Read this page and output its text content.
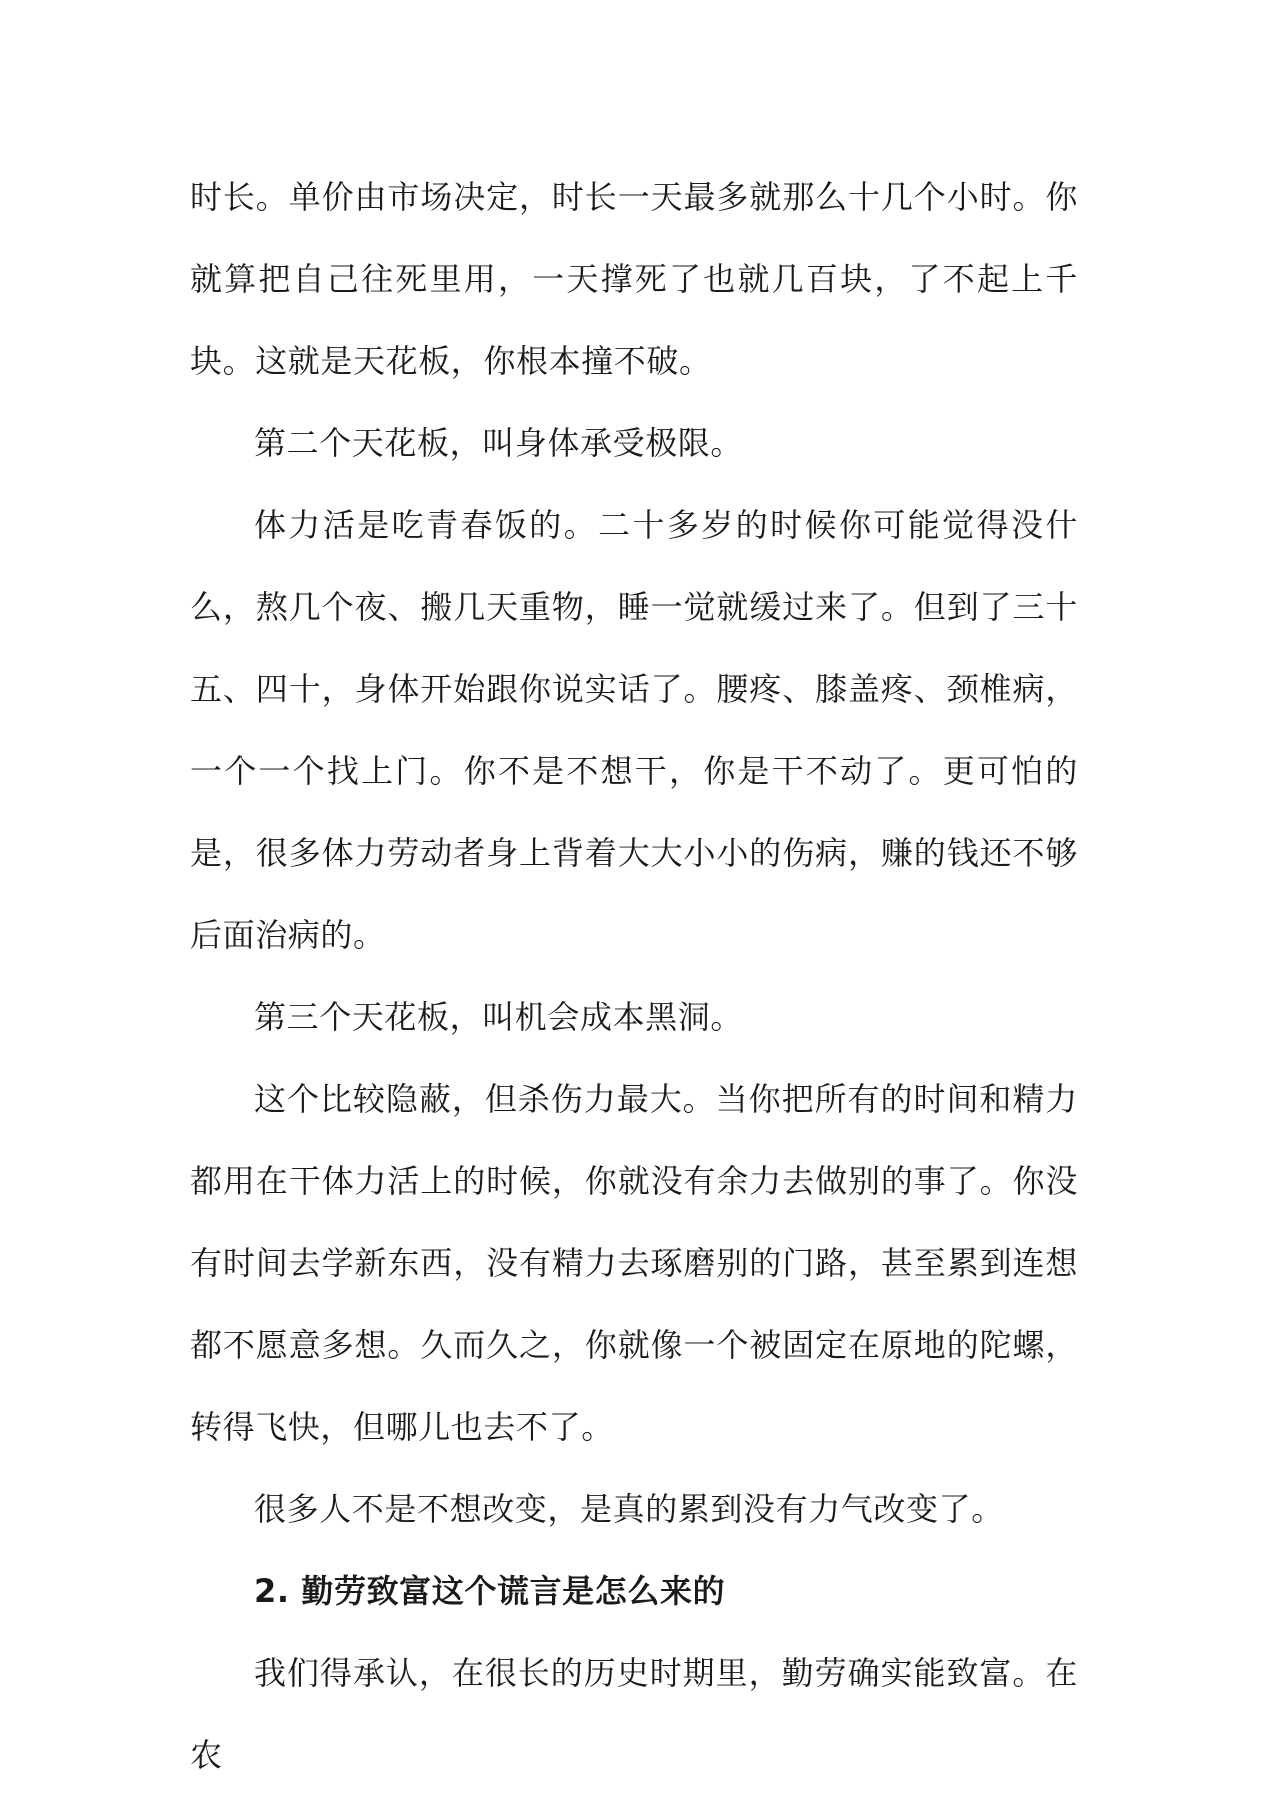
时长。单价由市场决定，时长一天最多就那么十几个小时。你就算把自己往死里用，一天撑死了也就几百块，了不起上千块。这就是天花板，你根本撞不破。

第二个天花板，叫身体承受极限。

体力活是吃青春饭的。二十多岁的时候你可能觉得没什么，熬几个夜、搬几天重物，睡一觉就缓过来了。但到了三十五、四十，身体开始跟你说实话了。腰疼、膝盖疼、颈椎病，一个一个找上门。你不是不想干，你是干不动了。更可怕的是，很多体力劳动者身上背着大大小小的伤病，赚的钱还不够后面治病的。

第三个天花板，叫机会成本黑洞。

这个比较隐蔽，但杀伤力最大。当你把所有的时间和精力都用在干体力活上的时候，你就没有余力去做别的事了。你没有时间去学新东西，没有精力去琢磨别的门路，甚至累到连想都不愿意多想。久而久之，你就像一个被固定在原地的陀螺，转得飞快，但哪儿也去不了。

很多人不是不想改变，是真的累到没有力气改变了。

2. 勤劳致富这个谎言是怎么来的

我们得承认，在很长的历史时期里，勤劳确实能致富。在农
